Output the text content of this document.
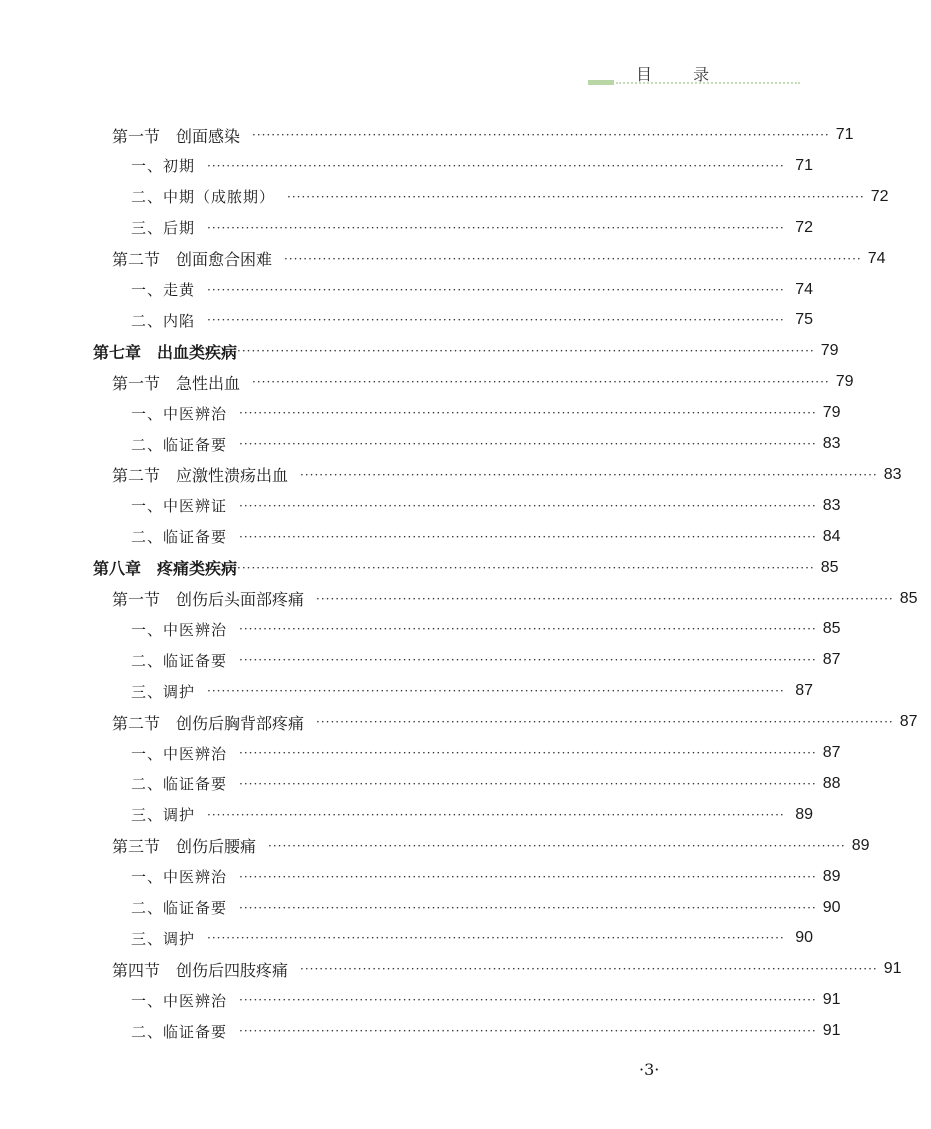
目 录
第一节　创面感染 ························································································································ 71
一、初期 ························································································································ 71
二、中期（成脓期） ························································································································ 72
三、后期 ························································································································ 72
第二节　创面愈合困难 ························································································································ 74
一、走黄 ························································································································ 74
二、内陷 ························································································································ 75
第七章　出血类疾病 ························································································································ 79
第一节　急性出血 ························································································································ 79
一、中医辨治 ························································································································ 79
二、临证备要 ························································································································ 83
第二节　应激性溃疡出血 ························································································································ 83
一、中医辨证 ························································································································ 83
二、临证备要 ························································································································ 84
第八章　疼痛类疾病 ························································································································ 85
第一节　创伤后头面部疼痛 ························································································································ 85
一、中医辨治 ························································································································ 85
二、临证备要 ························································································································ 87
三、调护 ························································································································ 87
第二节　创伤后胸背部疼痛 ························································································································ 87
一、中医辨治 ························································································································ 87
二、临证备要 ························································································································ 88
三、调护 ························································································································ 89
第三节　创伤后腰痛 ························································································································ 89
一、中医辨治 ························································································································ 89
二、临证备要 ························································································································ 90
三、调护 ························································································································ 90
第四节　创伤后四肢疼痛 ························································································································ 91
一、中医辨治 ························································································································ 91
二、临证备要 ························································································································ 91
·3·
